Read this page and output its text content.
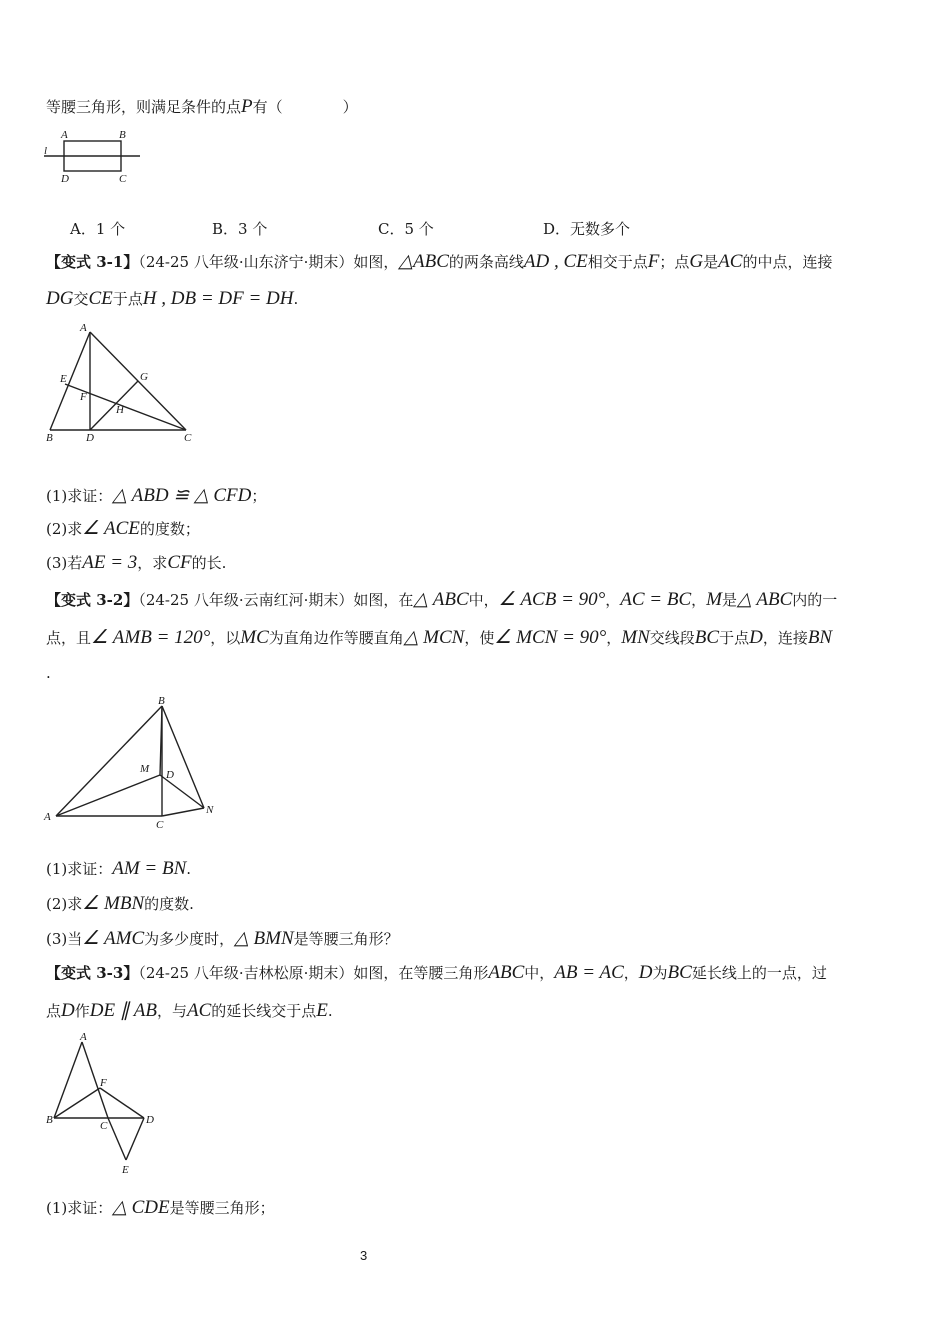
等腰三角形，则满足条件的点P有（　　　　）
A	B
D	C
l
A．1 个	B．3 个	C．5 个	D．无数多个
【变式 3-1】（24-25 八年级·山东济宁·期末）如图，△ABC的两条高线AD , CE相交于点F；点G是AC的中点，连接
DG交CE于点H , DB = DF = DH.
A
B	C
D
E
F
G
H
(1)求证：△ ABD ≌ △ CFD；
(2)求∠ ACE的度数；
(3)若AE = 3，求CF的长.
【变式 3-2】（24-25 八年级·云南红河·期末）如图，在△ ABC中，∠ ACB = 90°，AC = BC，M是△ ABC内的一
点，且∠ AMB = 120°，以MC为直角边作等腰直角△ MCN，使∠ MCN = 90°，MN交线段BC于点D，连接BN
.
B
A
C
D
M
N
(1)求证：AM = BN.
(2)求∠ MBN的度数.
(3)当∠ AMC为多少度时，△ BMN是等腰三角形？
【变式 3-3】（24-25 八年级·吉林松原·期末）如图，在等腰三角形ABC中，AB = AC，D为BC延长线上的一点，过
点D作DE ∥ AB，与AC的延长线交于点E.
A
B	C	D
E
F
(1)求证：△ CDE是等腰三角形；
3
